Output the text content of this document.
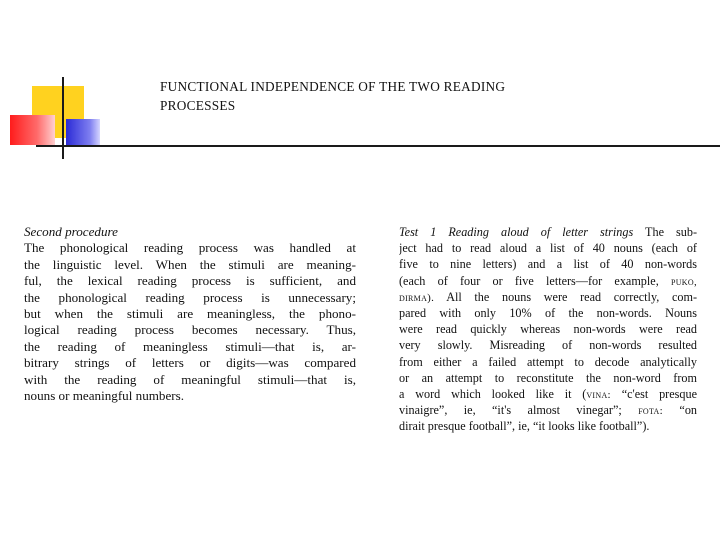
FUNCTIONAL INDEPENDENCE OF THE TWO READING
PROCESSES
Second procedure
The phonological reading process was handled at
the linguistic level. When the stimuli are meaning-
ful, the lexical reading process is sufficient, and
the phonological reading process is unnecessary;
but when the stimuli are meaningless, the phono-
logical reading process becomes necessary. Thus,
the reading of meaningless stimuli—that is, ar-
bitrary strings of letters or digits—was compared
with the reading of meaningful stimuli—that is,
nouns or meaningful numbers.
Test 1 Reading aloud of letter strings The sub-
ject had to read aloud a list of 40 nouns (each of
five to nine letters) and a list of 40 non-words
(each of four or five letters—for example, puko,
dirma). All the nouns were read correctly, com-
pared with only 10% of the non-words. Nouns
were read quickly whereas non-words were read
very slowly. Misreading of non-words resulted
from either a failed attempt to decode analytically
or an attempt to reconstitute the non-word from
a word which looked like it (vina: “c'est presque
vinaigre”, ie, “it's almost vinegar”; fota: “on
dirait presque football”, ie, “it looks like football”).
